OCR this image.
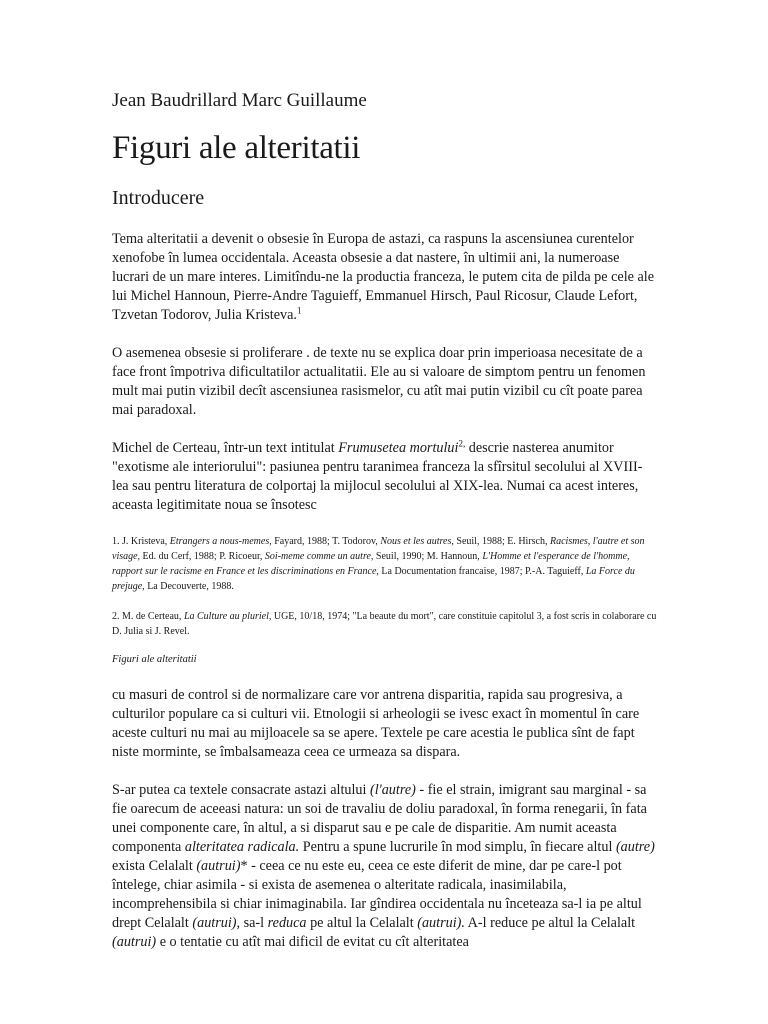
Jean Baudrillard Marc Guillaume
Figuri ale alteritatii
Introducere

Tema alteritatii a devenit o obsesie în Europa de astazi, ca raspuns la ascensiunea curentelor xenofobe în lumea occidentala. Aceasta obsesie a dat nastere, în ultimii ani, la numeroase lucrari de un mare interes. Limitîndu-ne la productia franceza, le putem cita de pilda pe cele ale lui Michel Hannoun, Pierre-Andre Taguieff, Emmanuel Hirsch, Paul Ricosur, Claude Lefort, Tzvetan Todorov, Julia Kristeva.$^1$

O asemenea obsesie si proliferare . de texte nu se explica doar prin imperioasa necesitate de a face front împotriva dificultatilor actualitatii. Ele au si valoare de simptom pentru un fenomen mult mai putin vizibil decît ascensiunea rasismelor, cu atît mai putin vizibil cu cît poate parea mai paradoxal.

Michel de Certeau, într-un text intitulat Frumusetea mortului$^{2,}$ descrie nasterea anumitor "exotisme ale interiorului": pasiunea pentru taranimea franceza la sfîrsitul secolului al XVIII-lea sau pentru literatura de colportaj la mijlocul secolului al XIX-lea. Numai ca acest interes, aceasta legitimitate noua se însotesc

1. J. Kristeva, Etrangers a nous-memes, Fayard, 1988; T. Todorov, Nous et les autres, Seuil, 1988; E. Hirsch, Racismes, l'autre et son visage, Ed. du Cerf, 1988; P. Ricoeur, Soi-meme comme un autre, Seuil, 1990; M. Hannoun, L'Homme et l'esperance de l'homme, rapport sur le racisme en France et les discriminations en France, La Documentation francaise, 1987; P.-A. Taguieff, La Force du prejuge, La Decouverte, 1988.

2. M. de Certeau, La Culture au pluriel, UGE, 10/18, 1974; "La beaute du mort", care constituie capitolul 3, a fost scris in colaborare cu D. Julia si J. Revel.

Figuri ale alteritatii

cu masuri de control si de normalizare care vor antrena disparitia, rapida sau progresiva, a culturilor populare ca si culturi vii. Etnologii si arheologii se ivesc exact în momentul în care aceste culturi nu mai au mijloacele sa se apere. Textele pe care acestia le publica sînt de fapt niste morminte, se îmbalsameaza ceea ce urmeaza sa dispara.

S-ar putea ca textele consacrate astazi altului (l'autre) - fie el strain, imigrant sau marginal - sa fie oarecum de aceeasi natura: un soi de travaliu de doliu paradoxal, în forma renegarii, în fata unei componente care, în altul, a si disparut sau e pe cale de disparitie. Am numit aceasta componenta alteritatea radicala. Pentru a spune lucrurile în mod simplu, în fiecare altul (autre) exista Celalalt (autrui)* - ceea ce nu este eu, ceea ce este diferit de mine, dar pe care-l pot întelege, chiar asimila - si exista de asemenea o alteritate radicala, inasimilabila, incomprehensibila si chiar inimaginabila. Iar gîndirea occidentala nu înceteaza sa-l ia pe altul drept Celalalt (autrui), sa-l reduca pe altul la Celalalt (autrui). A-l reduce pe altul la Celalalt (autrui) e o tentatie cu atît mai dificil de evitat cu cît alteritatea
